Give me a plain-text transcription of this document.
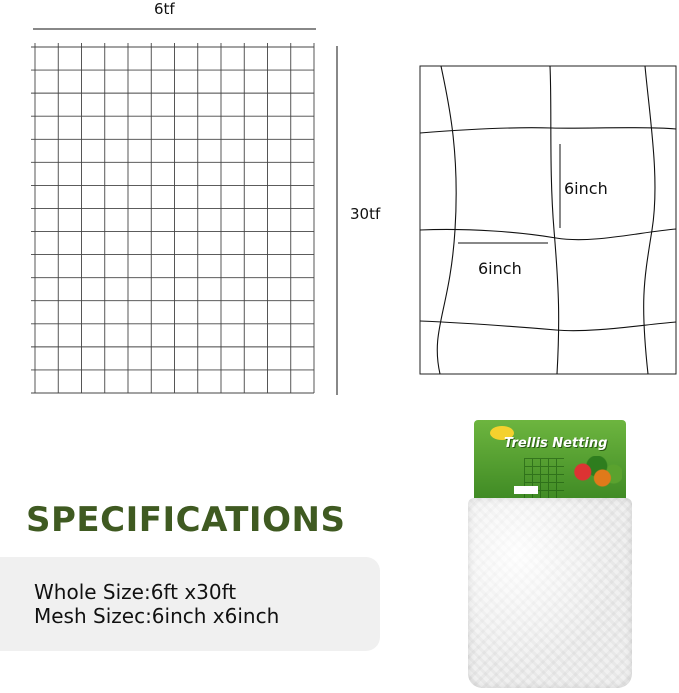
6tf
30tf
6inch
6inch
SPECIFICATIONS
Whole Size:6ft x30ft
Mesh Sizec:6inch x6inch
Trellis Netting
